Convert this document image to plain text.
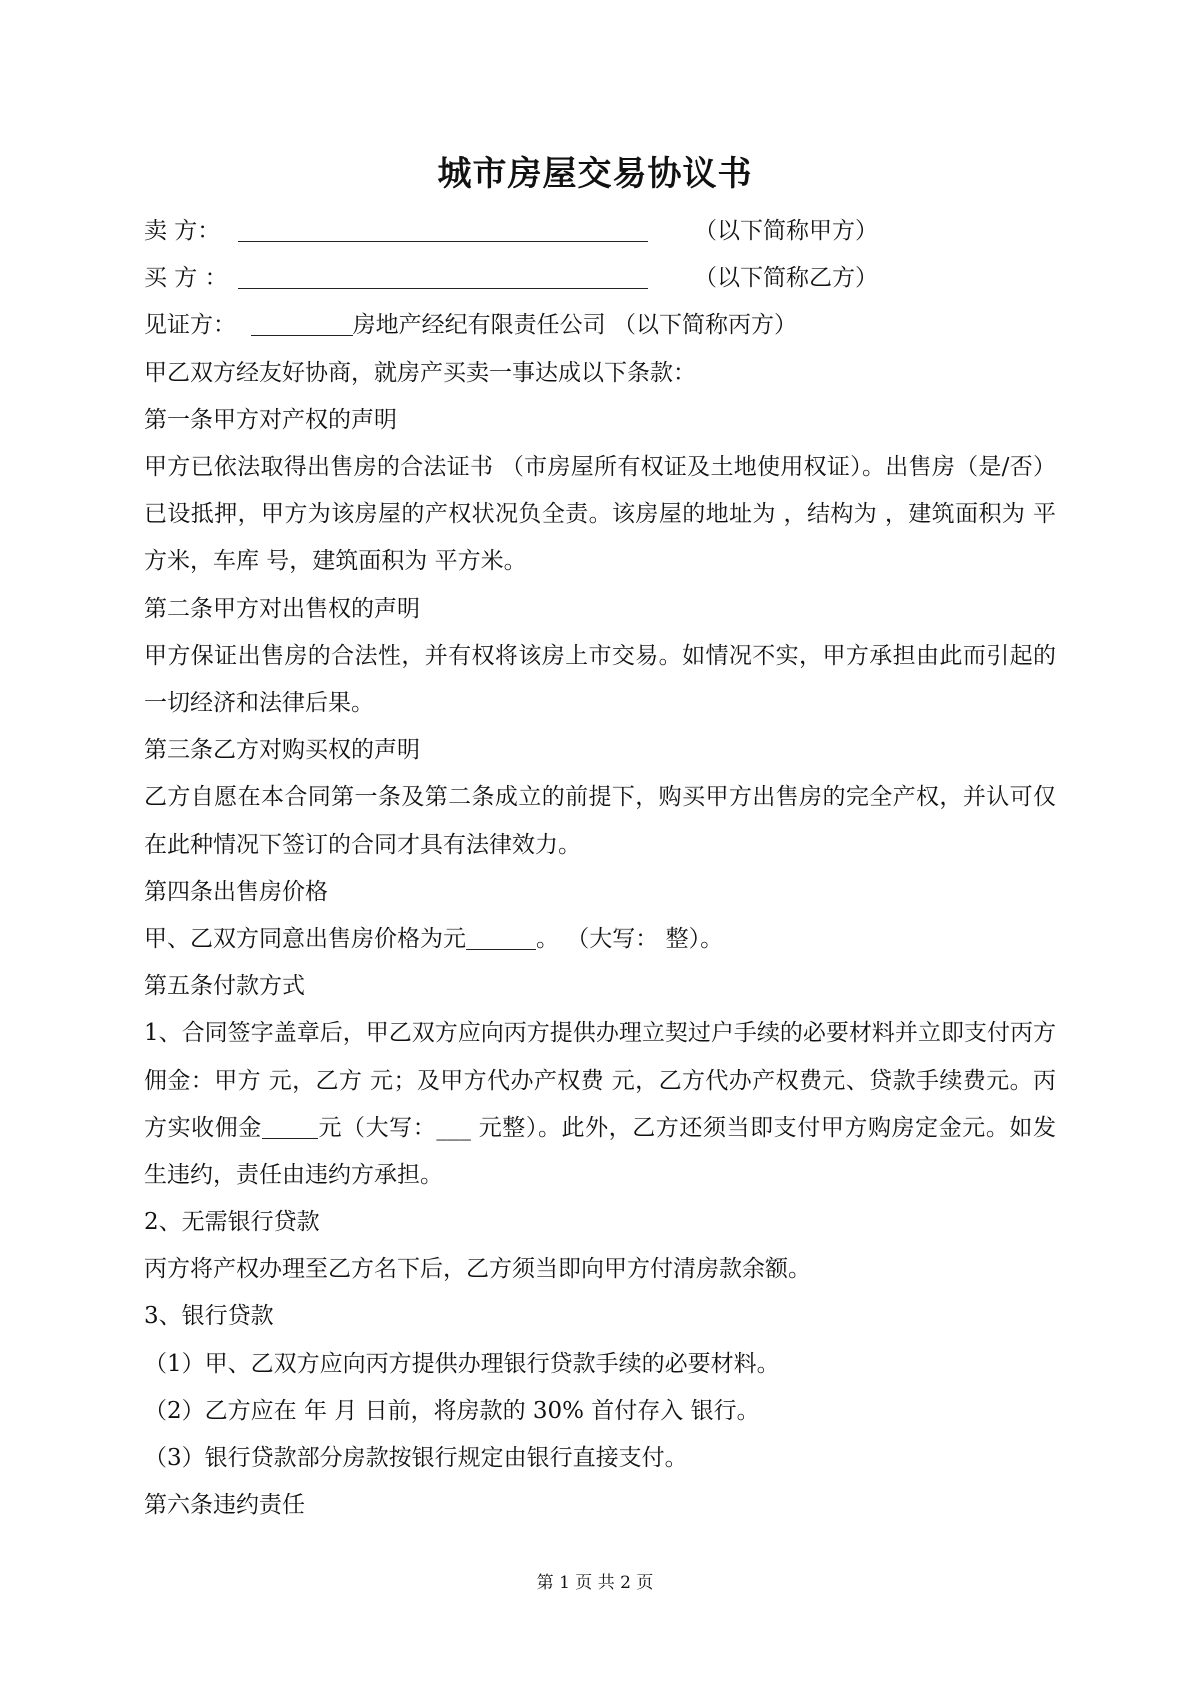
城市房屋交易协议书
卖 方：	（以下简称甲方）
买 方 ：	（以下简称乙方）
见证方：	房地产经纪有限责任公司 （以下简称丙方）
甲乙双方经友好协商，就房产买卖一事达成以下条款：
第一条甲方对产权的声明
甲方已依法取得出售房的合法证书 （市房屋所有权证及土地使用权证）。出售房（是/否）已设抵押，甲方为该房屋的产权状况负全责。该房屋的地址为 ，结构为 ，建筑面积为 平方米，车库 号，建筑面积为 平方米。
第二条甲方对出售权的声明
甲方保证出售房的合法性，并有权将该房上市交易。如情况不实，甲方承担由此而引起的一切经济和法律后果。
第三条乙方对购买权的声明
乙方自愿在本合同第一条及第二条成立的前提下，购买甲方出售房的完全产权，并认可仅在此种情况下签订的合同才具有法律效力。
第四条出售房价格
甲、乙双方同意出售房价格为元	。 （大写： 整）。
第五条付款方式
1、合同签字盖章后，甲乙双方应向丙方提供办理立契过户手续的必要材料并立即支付丙方佣金：甲方 元，乙方 元；及甲方代办产权费 元，乙方代办产权费元、贷款手续费元。丙方实收佣金 元（大写：___ 元整）。此外，乙方还须当即支付甲方购房定金元。如发生违约，责任由违约方承担。
2、无需银行贷款
丙方将产权办理至乙方名下后，乙方须当即向甲方付清房款余额。
3、银行贷款
（1）甲、乙双方应向丙方提供办理银行贷款手续的必要材料。
（2）乙方应在 年 月 日前，将房款的 30% 首付存入 银行。
（3）银行贷款部分房款按银行规定由银行直接支付。
第六条违约责任
第 1 页 共 2 页
